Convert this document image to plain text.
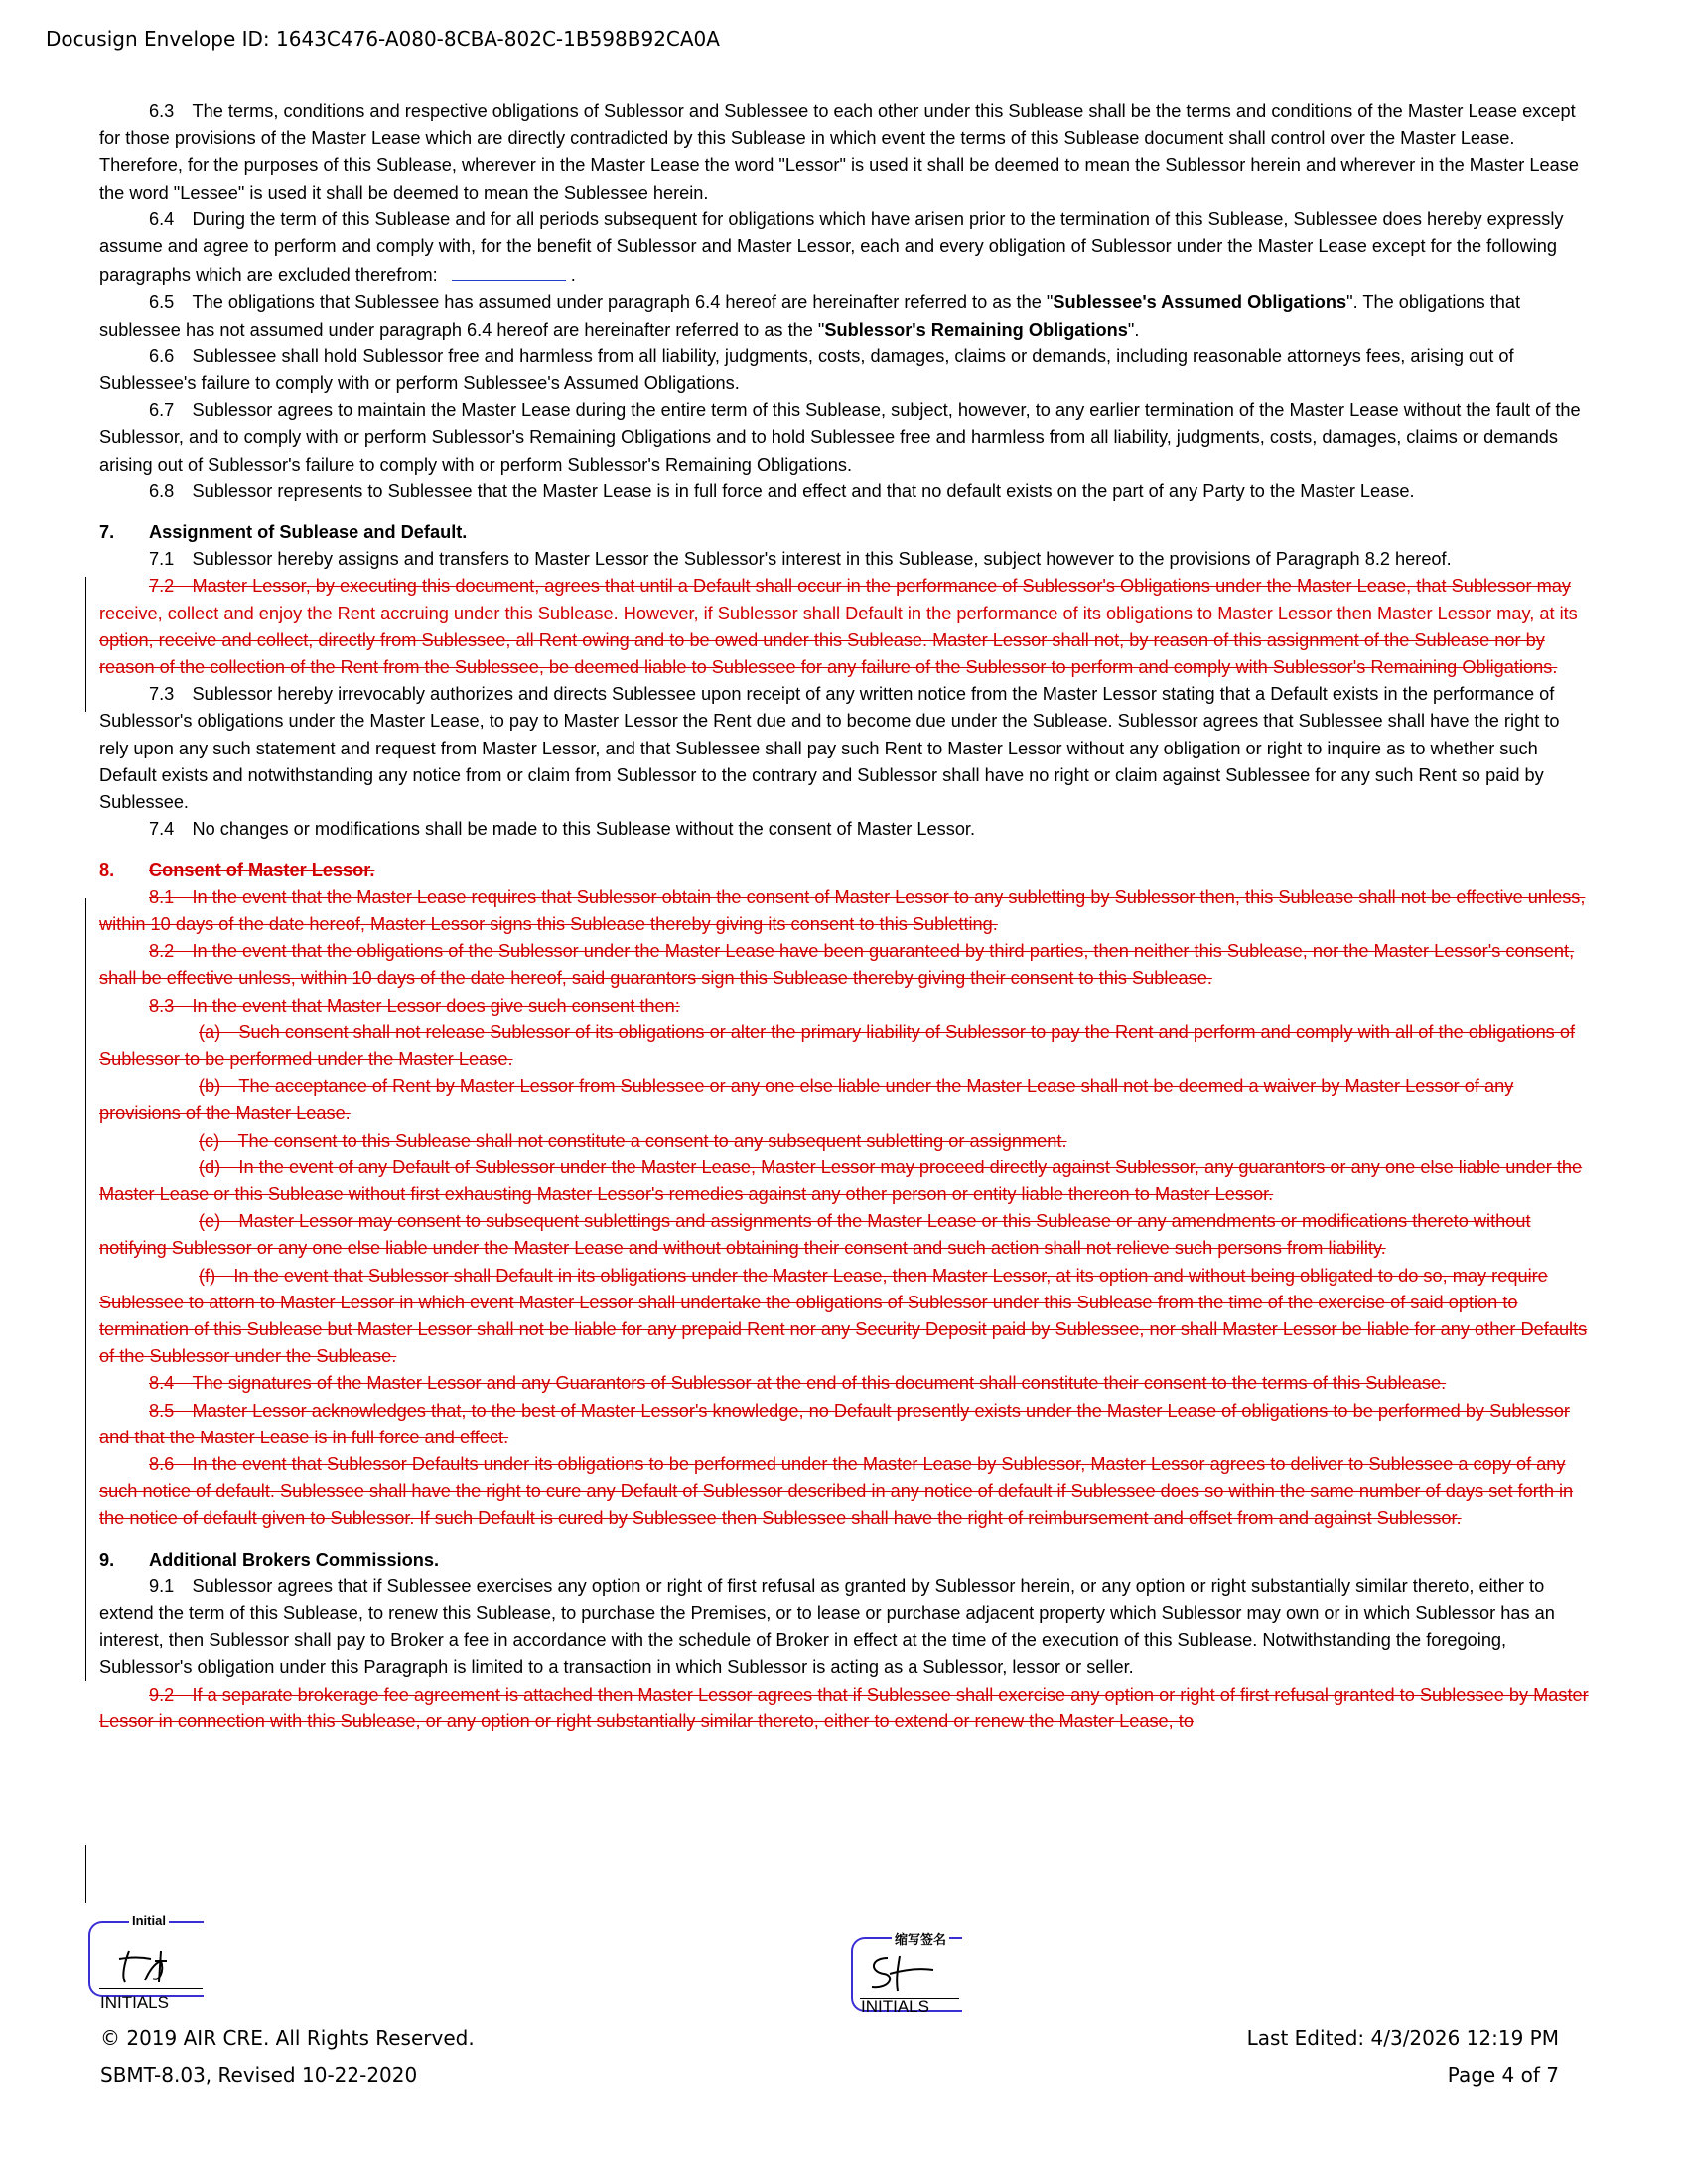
Docusign Envelope ID: 1643C476-A080-8CBA-802C-1B598B92CA0A

6.3 The terms, conditions and respective obligations of Sublessor and Sublessee to each other under this Sublease shall be the terms and conditions of the Master Lease except for those provisions of the Master Lease which are directly contradicted by this Sublease in which event the terms of this Sublease document shall control over the Master Lease. Therefore, for the purposes of this Sublease, wherever in the Master Lease the word "Lessor" is used it shall be deemed to mean the Sublessor herein and wherever in the Master Lease the word "Lessee" is used it shall be deemed to mean the Sublessee herein.

6.4 During the term of this Sublease and for all periods subsequent for obligations which have arisen prior to the termination of this Sublease, Sublessee does hereby expressly assume and agree to perform and comply with, for the benefit of Sublessor and Master Lessor, each and every obligation of Sublessor under the Master Lease except for the following paragraphs which are excluded therefrom:	.

6.5 The obligations that Sublessee has assumed under paragraph 6.4 hereof are hereinafter referred to as the "Sublessee's Assumed Obligations". The obligations that sublessee has not assumed under paragraph 6.4 hereof are hereinafter referred to as the "Sublessor's Remaining Obligations".

6.6 Sublessee shall hold Sublessor free and harmless from all liability, judgments, costs, damages, claims or demands, including reasonable attorneys fees, arising out of Sublessee's failure to comply with or perform Sublessee's Assumed Obligations.

6.7 Sublessor agrees to maintain the Master Lease during the entire term of this Sublease, subject, however, to any earlier termination of the Master Lease without the fault of the Sublessor, and to comply with or perform Sublessor's Remaining Obligations and to hold Sublessee free and harmless from all liability, judgments, costs, damages, claims or demands arising out of Sublessor's failure to comply with or perform Sublessor's Remaining Obligations.

6.8 Sublessor represents to Sublessee that the Master Lease is in full force and effect and that no default exists on the part of any Party to the Master Lease.

7. Assignment of Sublease and Default.

7.1 Sublessor hereby assigns and transfers to Master Lessor the Sublessor's interest in this Sublease, subject however to the provisions of Paragraph 8.2 hereof.

7.2 Master Lessor, by executing this document, agrees that until a Default shall occur in the performance of Sublessor's Obligations under the Master Lease, that Sublessor may receive, collect and enjoy the Rent accruing under this Sublease. However, if Sublessor shall Default in the performance of its obligations to Master Lessor then Master Lessor may, at its option, receive and collect, directly from Sublessee, all Rent owing and to be owed under this Sublease. Master Lessor shall not, by reason of this assignment of the Sublease nor by reason of the collection of the Rent from the Sublessee, be deemed liable to Sublessee for any failure of the Sublessor to perform and comply with Sublessor's Remaining Obligations.

7.3 Sublessor hereby irrevocably authorizes and directs Sublessee upon receipt of any written notice from the Master Lessor stating that a Default exists in the performance of Sublessor's obligations under the Master Lease, to pay to Master Lessor the Rent due and to become due under the Sublease. Sublessor agrees that Sublessee shall have the right to rely upon any such statement and request from Master Lessor, and that Sublessee shall pay such Rent to Master Lessor without any obligation or right to inquire as to whether such Default exists and notwithstanding any notice from or claim from Sublessor to the contrary and Sublessor shall have no right or claim against Sublessee for any such Rent so paid by Sublessee.

7.4 No changes or modifications shall be made to this Sublease without the consent of Master Lessor.

8. Consent of Master Lessor.

8.1 In the event that the Master Lease requires that Sublessor obtain the consent of Master Lessor to any subletting by Sublessor then, this Sublease shall not be effective unless, within 10 days of the date hereof, Master Lessor signs this Sublease thereby giving its consent to this Subletting.

8.2 In the event that the obligations of the Sublessor under the Master Lease have been guaranteed by third parties, then neither this Sublease, nor the Master Lessor's consent, shall be effective unless, within 10 days of the date hereof, said guarantors sign this Sublease thereby giving their consent to this Sublease.

8.3 In the event that Master Lessor does give such consent then:

(a) Such consent shall not release Sublessor of its obligations or alter the primary liability of Sublessor to pay the Rent and perform and comply with all of the obligations of Sublessor to be performed under the Master Lease.

(b) The acceptance of Rent by Master Lessor from Sublessee or any one else liable under the Master Lease shall not be deemed a waiver by Master Lessor of any provisions of the Master Lease.

(c) The consent to this Sublease shall not constitute a consent to any subsequent subletting or assignment.

(d) In the event of any Default of Sublessor under the Master Lease, Master Lessor may proceed directly against Sublessor, any guarantors or any one else liable under the Master Lease or this Sublease without first exhausting Master Lessor's remedies against any other person or entity liable thereon to Master Lessor.

(e) Master Lessor may consent to subsequent sublettings and assignments of the Master Lease or this Sublease or any amendments or modifications thereto without notifying Sublessor or any one else liable under the Master Lease and without obtaining their consent and such action shall not relieve such persons from liability.

(f) In the event that Sublessor shall Default in its obligations under the Master Lease, then Master Lessor, at its option and without being obligated to do so, may require Sublessee to attorn to Master Lessor in which event Master Lessor shall undertake the obligations of Sublessor under this Sublease from the time of the exercise of said option to termination of this Sublease but Master Lessor shall not be liable for any prepaid Rent nor any Security Deposit paid by Sublessee, nor shall Master Lessor be liable for any other Defaults of the Sublessor under the Sublease.

8.4 The signatures of the Master Lessor and any Guarantors of Sublessor at the end of this document shall constitute their consent to the terms of this Sublease.

8.5 Master Lessor acknowledges that, to the best of Master Lessor's knowledge, no Default presently exists under the Master Lease of obligations to be performed by Sublessor and that the Master Lease is in full force and effect.

8.6 In the event that Sublessor Defaults under its obligations to be performed under the Master Lease by Sublessor, Master Lessor agrees to deliver to Sublessee a copy of any such notice of default. Sublessee shall have the right to cure any Default of Sublessor described in any notice of default if Sublessee does so within the same number of days set forth in the notice of default given to Sublessor. If such Default is cured by Sublessee then Sublessee shall have the right of reimbursement and offset from and against Sublessor.

9. Additional Brokers Commissions.

9.1 Sublessor agrees that if Sublessee exercises any option or right of first refusal as granted by Sublessor herein, or any option or right substantially similar thereto, either to extend the term of this Sublease, to renew this Sublease, to purchase the Premises, or to lease or purchase adjacent property which Sublessor may own or in which Sublessor has an interest, then Sublessor shall pay to Broker a fee in accordance with the schedule of Broker in effect at the time of the execution of this Sublease. Notwithstanding the foregoing, Sublessor's obligation under this Paragraph is limited to a transaction in which Sublessor is acting as a Sublessor, lessor or seller.

9.2 If a separate brokerage fee agreement is attached then Master Lessor agrees that if Sublessee shall exercise any option or right of first refusal granted to Sublessee by Master Lessor in connection with this Sublease, or any option or right substantially similar thereto, either to extend or renew the Master Lease, to

Initial
INITIALS
缩写签名
INITIALS
© 2019 AIR CRE. All Rights Reserved.
SBMT-8.03, Revised 10-22-2020
Last Edited: 4/3/2026 12:19 PM
Page 4 of 7
